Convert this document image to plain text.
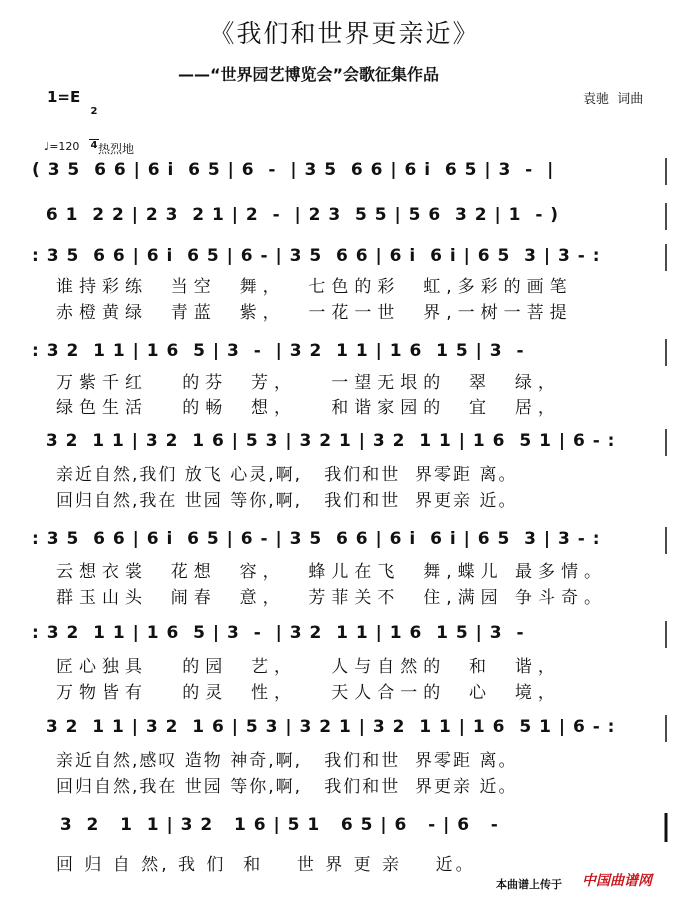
《我们和世界更亲近》
——“世界园艺博览会”会歌征集作品
1=E

2

4

袁驰  词曲
♩=120 热烈地
( 3 5  6 6 | 6 i  6 5 | 6  -  | 3 5  6 6 | 6 i  6 5 | 3  -  |
6 1  2 2 | 2 3  2 1 | 2  -  | 2 3  5 5 | 5 6  3 2 | 1  - )
: 3 5  6 6 | 6 i  6 5 | 6 - | 3 5  6 6 | 6 i  6 i | 6 5  3 | 3 - :
谁持彩练  当空  舞，  七色的彩  虹,多彩的画笔
赤橙黄绿  青蓝  紫，  一花一世  界,一树一菩提
: 3 2  1 1 | 1 6  5 | 3  -  | 3 2  1 1 | 1 6  1 5 | 3  -
万紫千红   的芬  芳，   一望无垠的  翠  绿，
绿色生活   的畅  想，   和谐家园的  宜  居，
3 2  1 1 | 3 2  1 6 | 5 3 | 3 2 1 | 3 2  1 1 | 1 6  5 1 | 6 - :
亲近自然,我们 放飞 心灵,啊,   我们和世  界零距 离。
回归自然,我在 世园 等你,啊,   我们和世  界更亲 近。
: 3 5  6 6 | 6 i  6 5 | 6 - | 3 5  6 6 | 6 i  6 i | 6 5  3 | 3 - :
云想衣裳  花想  容，  蜂儿在飞  舞,蝶儿 最多情。
群玉山头  闹春  意，  芳菲关不  住,满园 争斗奇。
: 3 2  1 1 | 1 6  5 | 3  -  | 3 2  1 1 | 1 6  1 5 | 3  -
匠心独具   的园  艺，   人与自然的  和  谐，
万物皆有   的灵  性，   天人合一的  心  境，
3 2  1 1 | 3 2  1 6 | 5 3 | 3 2 1 | 3 2  1 1 | 1 6  5 1 | 6 - :
亲近自然,感叹 造物 神奇,啊,   我们和世  界零距 离。
回归自然,我在 世园 等你,啊,   我们和世  界更亲 近。
3  2   1  1 | 3 2   1 6 | 5 1   6 5 | 6   - | 6   -
回 归 自 然, 我 们  和    世 界 更 亲    近。
本曲谱上传于 中国曲谱网
